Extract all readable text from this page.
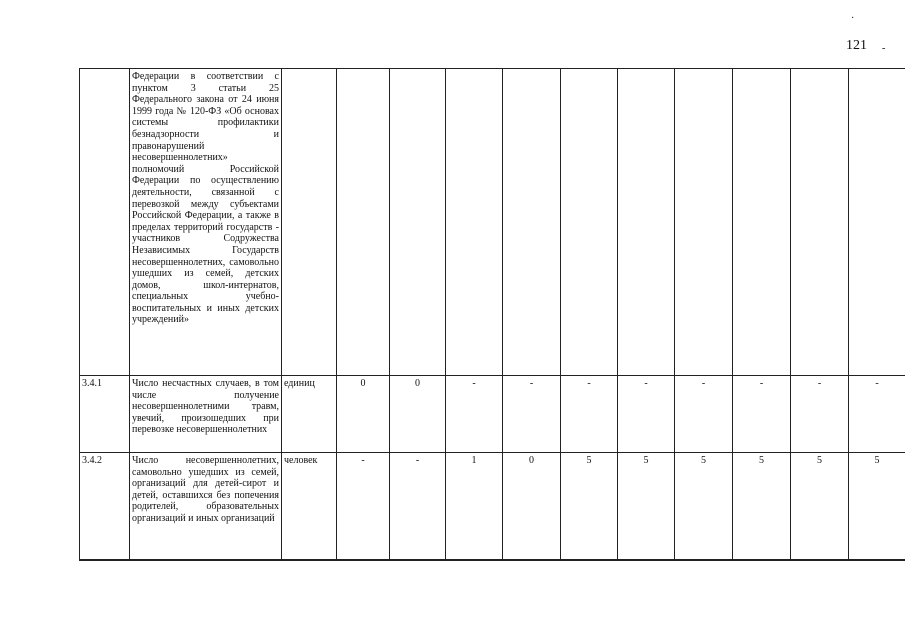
121
·
-
	Федерации в соответствии с пунктом 3 статьи 25 Федерального закона от 24 июня 1999 года № 120-ФЗ «Об основах системы профилактики безнадзорности и правонарушений несовершеннолетних» полномочий Российской Федерации по осуществлению деятельности, связанной с перевозкой между субъектами Российской Федерации, а также в пределах территорий государств - участников Содружества Независимых Государств несовершеннолетних, самовольно ушедших из семей, детских домов, школ-интернатов, специальных учебно-воспитательных и иных детских учреждений»												
3.4.1	Число несчастных случаев, в том числе получение несовершеннолетними травм, увечий, произошедших при перевозке несовершеннолетних	единиц	0	0	-	-	-	-	-	-	-	-	
3.4.2	Число несовершеннолетних, самовольно ушедших из семей, организаций для детей-сирот и детей, оставшихся без попечения родителей, образовательных организаций и иных организаций	человек	-	-	1	0	5	5	5	5	5	5	
